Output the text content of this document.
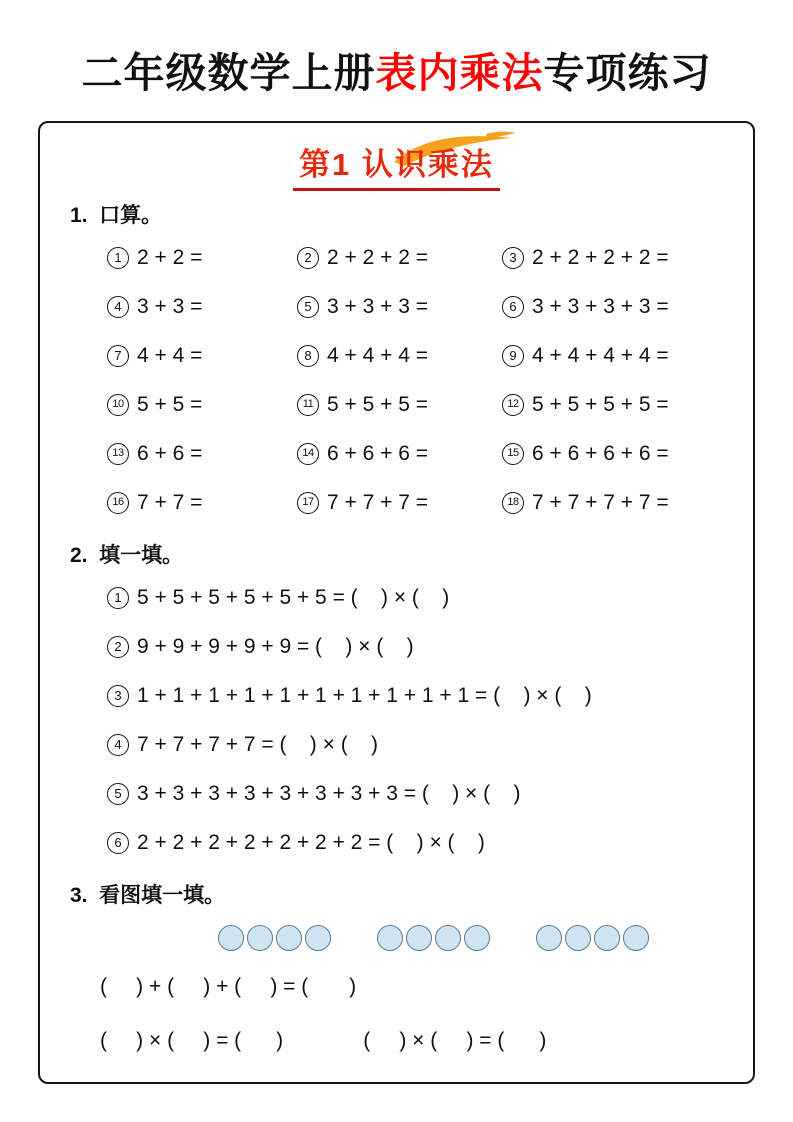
二年级数学上册表内乘法专项练习
第1 认识乘法
1.  口算。
1 2 + 2 =	2 2 + 2 + 2 =	3 2 + 2 + 2 + 2 =
4 3 + 3 =	5 3 + 3 + 3 =	6 3 + 3 + 3 + 3 =
7 4 + 4 =	8 4 + 4 + 4 =	9 4 + 4 + 4 + 4 =
10 5 + 5 =	11 5 + 5 + 5 =	12 5 + 5 + 5 + 5 =
13 6 + 6 =	14 6 + 6 + 6 =	15 6 + 6 + 6 + 6 =
16 7 + 7 =	17 7 + 7 + 7 =	18 7 + 7 + 7 + 7 =
2.  填一填。
1 5 + 5 + 5 + 5 + 5 + 5 = (    ) × (    )
2 9 + 9 + 9 + 9 + 9 = (    ) × (    )
3 1 + 1 + 1 + 1 + 1 + 1 + 1 + 1 + 1 + 1 = (    ) × (    )
4 7 + 7 + 7 + 7 = (    ) × (    )
5 3 + 3 + 3 + 3 + 3 + 3 + 3 + 3 = (    ) × (    )
6 2 + 2 + 2 + 2 + 2 + 2 + 2 = (    ) × (    )
3.  看图填一填。
(     ) + (     ) + (     ) = (       )
(     ) × (     ) = (      )	(     ) × (     ) = (      )
